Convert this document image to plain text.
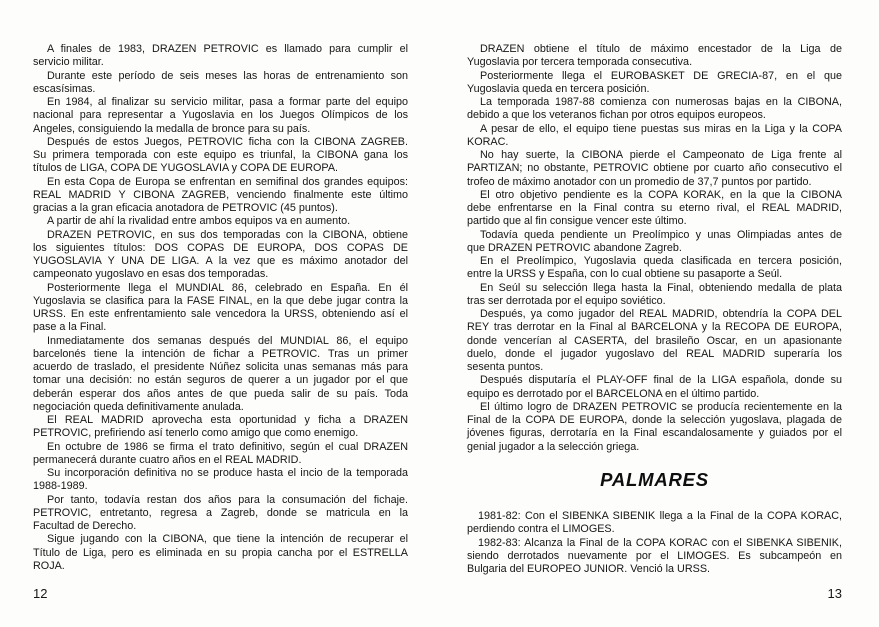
A finales de 1983, DRAZEN PETROVIC es llamado para cumplir el
servicio militar.
Durante este período de seis meses las horas de entrenamiento son
escasísimas.
En 1984, al finalizar su servicio militar, pasa a formar parte del equipo
nacional para representar a Yugoslavia en los Juegos Olímpicos de los
Angeles, consiguiendo la medalla de bronce para su país.
Después de estos Juegos, PETROVIC ficha con la CIBONA ZAGREB.
Su primera temporada con este equipo es triunfal, la CIBONA gana los
títulos de LIGA, COPA DE YUGOSLAVIA y COPA DE EUROPA.
En esta Copa de Europa se enfrentan en semifinal dos grandes equipos:
REAL MADRID Y CIBONA ZAGREB, venciendo finalmente este último
gracias a la gran eficacia anotadora de PETROVIC (45 puntos).
A partir de ahí la rivalidad entre ambos equipos va en aumento.
DRAZEN PETROVIC, en sus dos temporadas con la CIBONA, obtiene
los siguientes títulos: DOS COPAS DE EUROPA, DOS COPAS DE
YUGOSLAVIA Y UNA DE LIGA. A la vez que es máximo anotador del
campeonato yugoslavo en esas dos temporadas.
Posteriormente llega el MUNDIAL 86, celebrado en España. En él
Yugoslavia se clasifica para la FASE FINAL, en la que debe jugar contra la
URSS. En este enfrentamiento sale vencedora la URSS, obteniendo así el
pase a la Final.
Inmediatamente dos semanas después del MUNDIAL 86, el equipo
barcelonés tiene la intención de fichar a PETROVIC. Tras un primer
acuerdo de traslado, el presidente Núñez solicita unas semanas más para
tomar una decisión: no están seguros de querer a un jugador por el que
deberán esperar dos años antes de que pueda salir de su país. Toda
negociación queda definitivamente anulada.
El REAL MADRID aprovecha esta oportunidad y ficha a DRAZEN
PETROVIC, prefiriendo así tenerlo como amigo que como enemigo.
En octubre de 1986 se firma el trato definitivo, según el cual DRAZEN
permanecerá durante cuatro años en el REAL MADRID.
Su incorporación definitiva no se produce hasta el incio de la temporada
1988-1989.
Por tanto, todavía restan dos años para la consumación del fichaje.
PETROVIC, entretanto, regresa a Zagreb, donde se matricula en la
Facultad de Derecho.
Sigue jugando con la CIBONA, que tiene la intención de recuperar el
Título de Liga, pero es eliminada en su propia cancha por el ESTRELLA
ROJA.
12
DRAZEN obtiene el título de máximo encestador de la Liga de
Yugoslavia por tercera temporada consecutiva.
Posteriormente llega el EUROBASKET DE GRECIA-87, en el que
Yugoslavia queda en tercera posición.
La temporada 1987-88 comienza con numerosas bajas en la CIBONA,
debido a que los veteranos fichan por otros equipos europeos.
A pesar de ello, el equipo tiene puestas sus miras en la Liga y la COPA
KORAC.
No hay suerte, la CIBONA pierde el Campeonato de Liga frente al
PARTIZAN; no obstante, PETROVIC obtiene por cuarto año consecutivo el
trofeo de máximo anotador con un promedio de 37,7 puntos por partido.
El otro objetivo pendiente es la COPA KORAK, en la que la CIBONA
debe enfrentarse en la Final contra su eterno rival, el REAL MADRID,
partido que al fin consigue vencer este último.
Todavía queda pendiente un Preolímpico y unas Olimpiadas antes de
que DRAZEN PETROVIC abandone Zagreb.
En el Preolímpico, Yugoslavia queda clasificada en tercera posición,
entre la URSS y España, con lo cual obtiene su pasaporte a Seúl.
En Seúl su selección llega hasta la Final, obteniendo medalla de plata
tras ser derrotada por el equipo soviético.
Después, ya como jugador del REAL MADRID, obtendría la COPA DEL
REY tras derrotar en la Final al BARCELONA y la RECOPA DE EUROPA,
donde vencerían al CASERTA, del brasileño Oscar, en un apasionante
duelo, donde el jugador yugoslavo del REAL MADRID superaría los
sesenta puntos.
Después disputaría el PLAY-OFF final de la LIGA española, donde su
equipo es derrotado por el BARCELONA en el último partido.
El último logro de DRAZEN PETROVIC se producía recientemente en la
Final de la COPA DE EUROPA, donde la selección yugoslava, plagada de
jóvenes figuras, derrotaría en la Final escandalosamente y guiados por el
genial jugador a la selección griega.
PALMARES
1981-82: Con el SIBENKA SIBENIK llega a la Final de la COPA KORAC,
perdiendo contra el LIMOGES.
1982-83: Alcanza la Final de la COPA KORAC con el SIBENKA SIBENIK,
siendo derrotados nuevamente por el LIMOGES. Es subcampeón en
Bulgaria del EUROPEO JUNIOR. Venció la URSS.
13
